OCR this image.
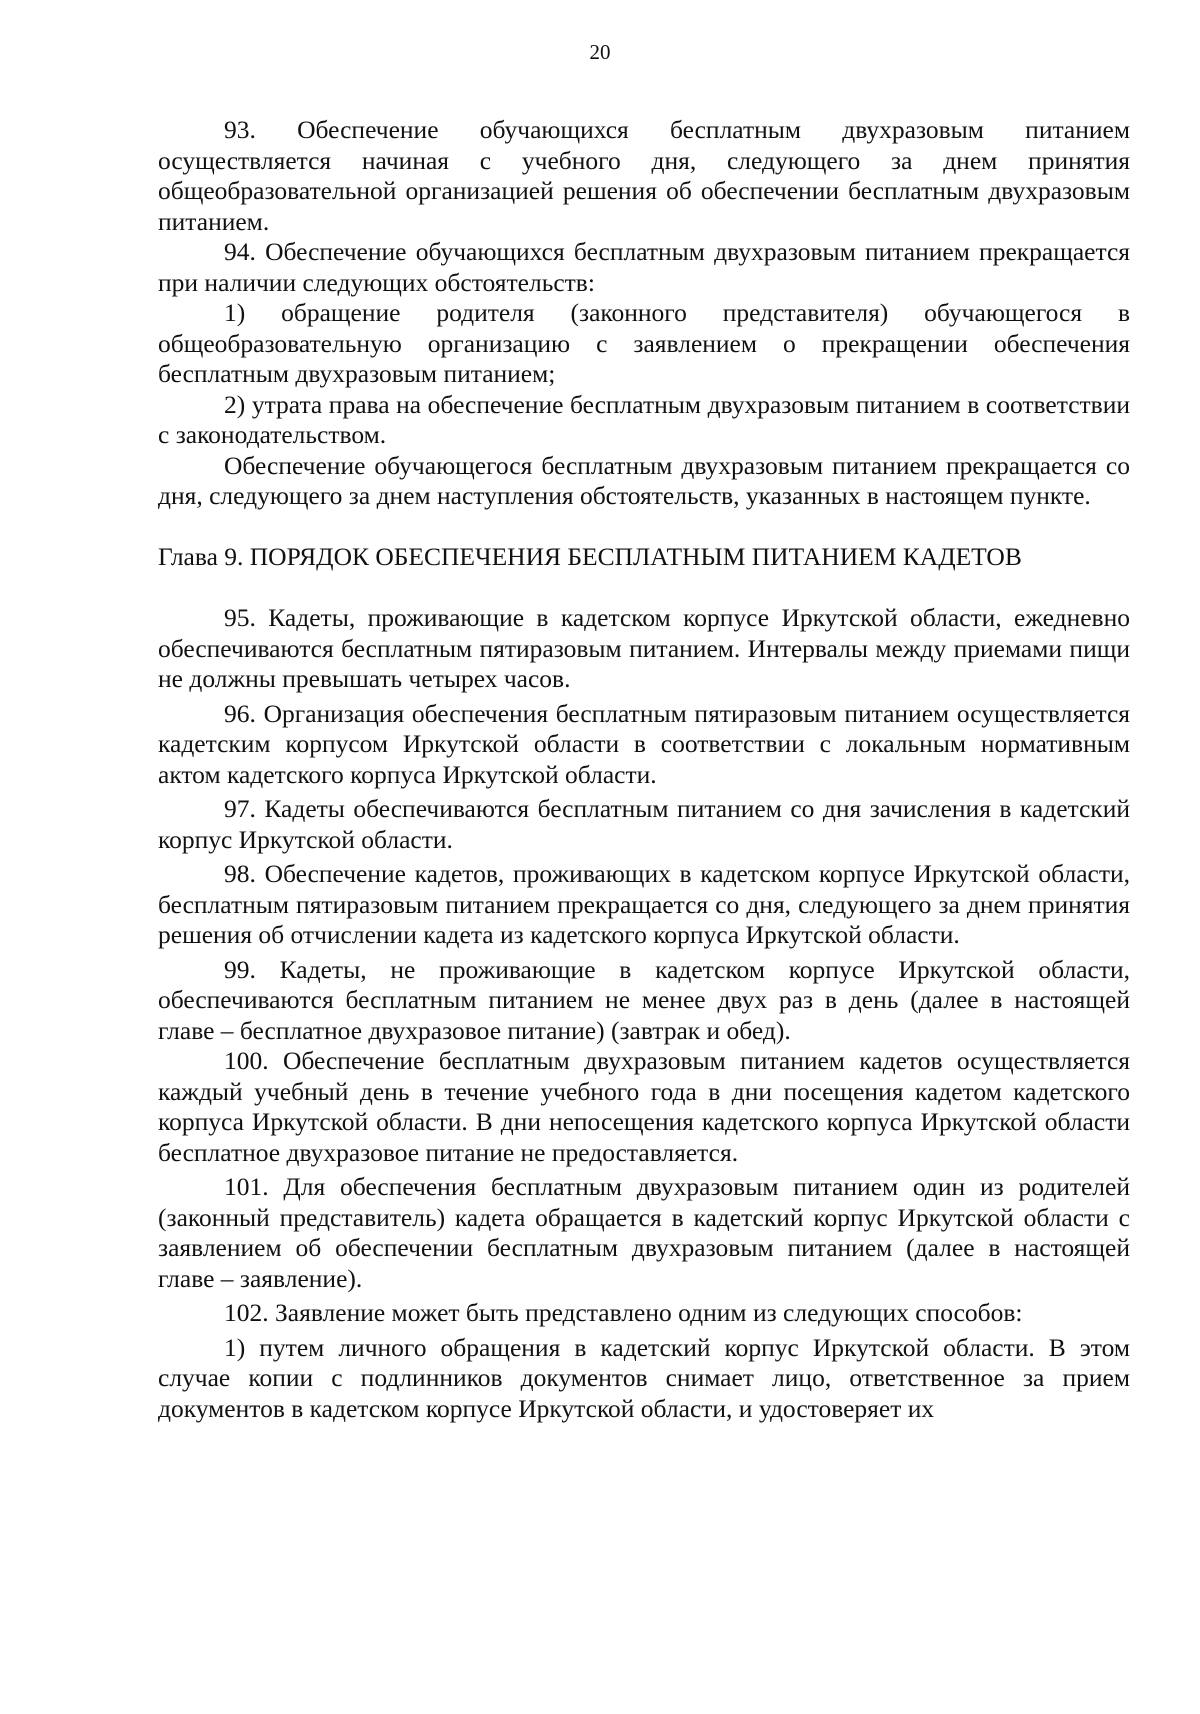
20

93. Обеспечение обучающихся бесплатным двухразовым питанием осуществляется начиная с учебного дня, следующего за днем принятия общеобразовательной организацией решения об обеспечении бесплатным двухразовым питанием.

94. Обеспечение обучающихся бесплатным двухразовым питанием прекращается при наличии следующих обстоятельств:

1) обращение родителя (законного представителя) обучающегося в общеобразовательную организацию с заявлением о прекращении обеспечения бесплатным двухразовым питанием;

2) утрата права на обеспечение бесплатным двухразовым питанием в соответствии с законодательством.

Обеспечение обучающегося бесплатным двухразовым питанием прекращается со дня, следующего за днем наступления обстоятельств, указанных в настоящем пункте.

Глава 9. ПОРЯДОК ОБЕСПЕЧЕНИЯ БЕСПЛАТНЫМ ПИТАНИЕМ КАДЕТОВ

95. Кадеты, проживающие в кадетском корпусе Иркутской области, ежедневно обеспечиваются бесплатным пятиразовым питанием. Интервалы между приемами пищи не должны превышать четырех часов.

96. Организация обеспечения бесплатным пятиразовым питанием осуществляется кадетским корпусом Иркутской области в соответствии с локальным нормативным актом кадетского корпуса Иркутской области.

97. Кадеты обеспечиваются бесплатным питанием со дня зачисления в кадетский корпус Иркутской области.

98. Обеспечение кадетов, проживающих в кадетском корпусе Иркутской области, бесплатным пятиразовым питанием прекращается со дня, следующего за днем принятия решения об отчислении кадета из кадетского корпуса Иркутской области.

99. Кадеты, не проживающие в кадетском корпусе Иркутской области, обеспечиваются бесплатным питанием не менее двух раз в день (далее в настоящей главе – бесплатное двухразовое питание) (завтрак и обед).

100. Обеспечение бесплатным двухразовым питанием кадетов осуществляется каждый учебный день в течение учебного года в дни посещения кадетом кадетского корпуса Иркутской области. В дни непосещения кадетского корпуса Иркутской области бесплатное двухразовое питание не предоставляется.

101. Для обеспечения бесплатным двухразовым питанием один из родителей (законный представитель) кадета обращается в кадетский корпус Иркутской области с заявлением об обеспечении бесплатным двухразовым питанием (далее в настоящей главе – заявление).

102. Заявление может быть представлено одним из следующих способов:

1) путем личного обращения в кадетский корпус Иркутской области. В этом случае копии с подлинников документов снимает лицо, ответственное за прием документов в кадетском корпусе Иркутской области, и удостоверяет их
